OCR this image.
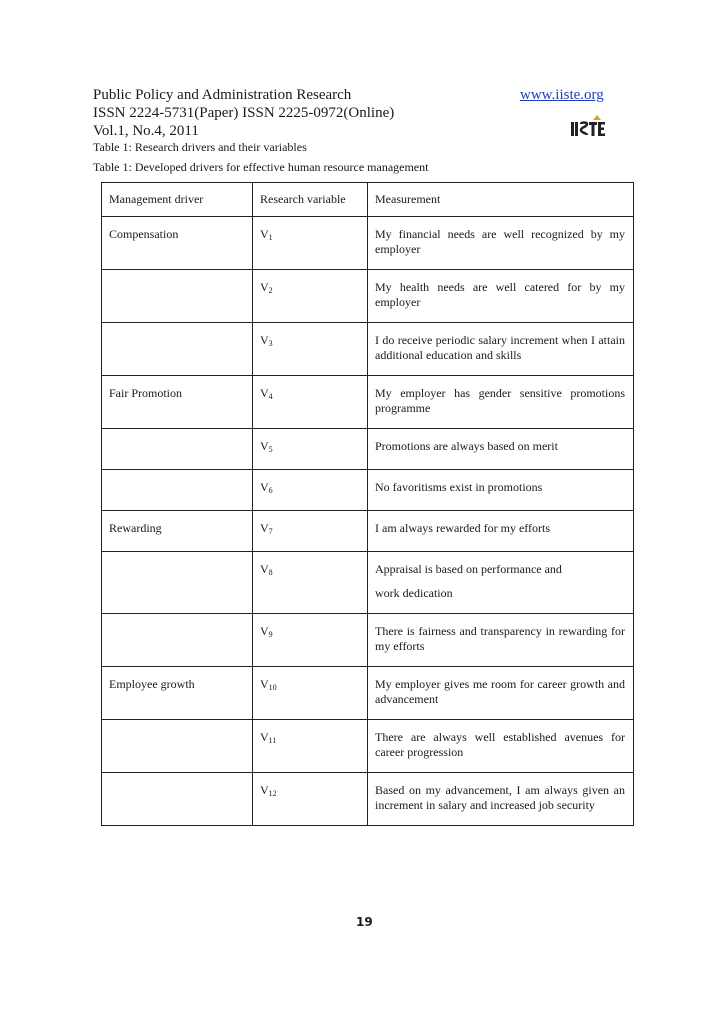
Public Policy and Administration Research
ISSN 2224-5731(Paper) ISSN 2225-0972(Online)
Vol.1, No.4, 2011
www.iiste.org
Table 1: Research drivers and their variables
Table 1: Developed drivers for effective human resource management
Management driver	Research variable	Measurement

Compensation	$V_1$	My financial needs are well recognized by my employer

	$V_2$	My health needs are well catered for by my employer

	$V_3$	I do receive periodic salary increment when I attain additional education and skills

Fair Promotion	$V_4$	My employer has gender sensitive promotions programme

	$V_5$	Promotions are always based on merit

	$V_6$	No favoritisms exist in promotions

Rewarding	$V_7$	I am always rewarded for my efforts

	$V_8$	Appraisal is based on performance and
work dedication

	$V_9$	There is fairness and transparency in rewarding for my efforts

Employee growth	$V_{10}$	My employer gives me room for career growth and advancement

	$V_{11}$	There are always well established avenues for career progression

	$V_{12}$	Based on my advancement, I am always given an increment in salary and increased job security
19
